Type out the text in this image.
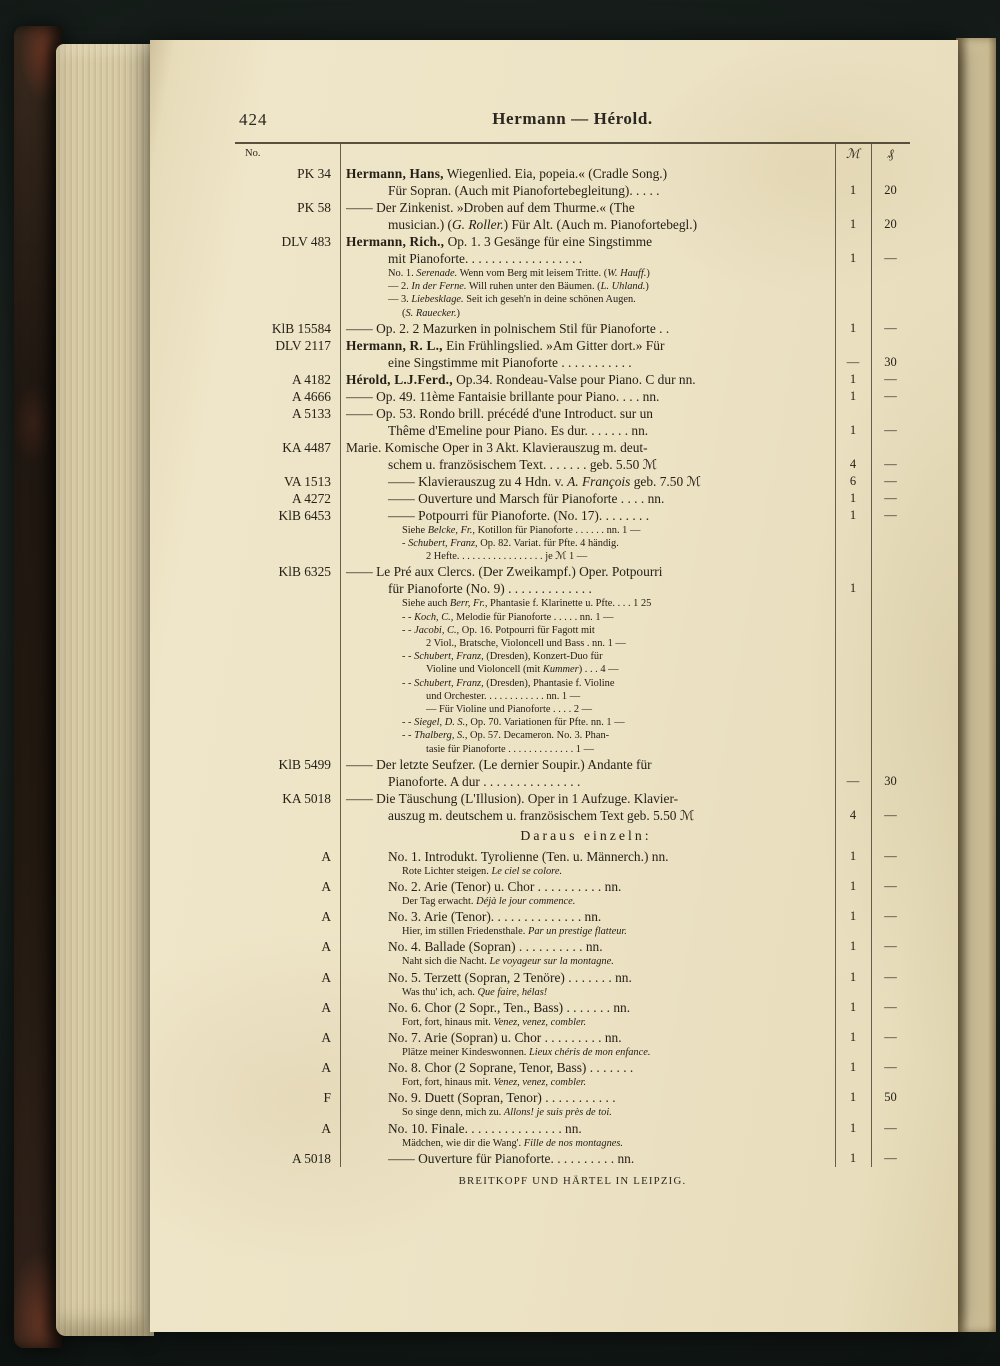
424	Hermann — Hérold.
No.	ℳ	₰
PK 34	Hermann, Hans, Wiegenlied. Eia, popeia.« (Cradle Song.)
Für Sopran. (Auch mit Pianofortebegleitung). . . . .	1	20
PK 58	—— Der Zinkenist. »Droben auf dem Thurme.« (The
musician.) (G. Roller.) Für Alt. (Auch m. Pianofortebegl.)	1	20
DLV 483	Hermann, Rich., Op. 1. 3 Gesänge für eine Singstimme
mit Pianoforte. . . . . . . . . . . . . . . . . .	1	—
No. 1. Serenade. Wenn vom Berg mit leisem Tritte. (W. Hauff.)
— 2. In der Ferne. Will ruhen unter den Bäumen. (L. Uhland.)
— 3. Liebesklage. Seit ich geseh'n in deine schönen Augen.
(S. Rauecker.)
KlB 15584	—— Op. 2. 2 Mazurken in polnischem Stil für Pianoforte . .	1	—
DLV 2117	Hermann, R. L., Ein Frühlingslied. »Am Gitter dort.» Für
eine Singstimme mit Pianoforte . . . . . . . . . . .	—	30
A 4182	Hérold, L.J.Ferd., Op.34. Rondeau-Valse pour Piano. C dur nn.	1	—
A 4666	—— Op. 49. 11ème Fantaisie brillante pour Piano. . . . nn.	1	—
A 5133	—— Op. 53. Rondo brill. précédé d'une Introduct. sur un
Thême d'Emeline pour Piano. Es dur. . . . . . . nn.	1	—
KA 4487	Marie. Komische Oper in 3 Akt. Klavierauszug m. deut-
schem u. französischem Text. . . . . . . geb. 5.50 ℳ	4	—
VA 1513	—— Klavierauszug zu 4 Hdn. v. A. François geb. 7.50 ℳ	6	—
A 4272	—— Ouverture und Marsch für Pianoforte . . . . nn.	1	—
KlB 6453	—— Potpourri für Pianoforte. (No. 17). . . . . . . .	1	—
Siehe Belcke, Fr., Kotillon für Pianoforte . . . . . . nn. 1 —
- Schubert, Franz, Op. 82. Variat. für Pfte. 4 händig.
2 Hefte. . . . . . . . . . . . . . . . . je ℳ 1 —
KlB 6325	—— Le Pré aux Clercs. (Der Zweikampf.) Oper. Potpourri
für Pianoforte (No. 9) . . . . . . . . . . . . .	1
Siehe auch Berr, Fr., Phantasie f. Klarinette u. Pfte. . . . 1 25
- - Koch, C., Melodie für Pianoforte . . . . . nn. 1 —
- - Jacobi, C., Op. 16. Potpourri für Fagott mit
2 Viol., Bratsche, Violoncell und Bass . nn. 1 —
- - Schubert, Franz, (Dresden), Konzert-Duo für
Violine und Violoncell (mit Kummer) . . . 4 —
- - Schubert, Franz, (Dresden), Phantasie f. Violine
und Orchester. . . . . . . . . . . . nn. 1 —
— Für Violine und Pianoforte . . . . 2 —
- - Siegel, D. S., Op. 70. Variationen für Pfte. nn. 1 —
- - Thalberg, S., Op. 57. Decameron. No. 3. Phan-
tasie für Pianoforte . . . . . . . . . . . . . 1 —
KlB 5499	—— Der letzte Seufzer. (Le dernier Soupir.) Andante für
Pianoforte. A dur . . . . . . . . . . . . . . .	—	30
KA 5018	—— Die Täuschung (L'Illusion). Oper in 1 Aufzuge. Klavier-
auszug m. deutschem u. französischem Text geb. 5.50 ℳ	4	—
Daraus einzeln:
A	No. 1. Introdukt. Tyrolienne (Ten. u. Männerch.) nn.	1	—
Rote Lichter steigen. Le ciel se colore.
A	No. 2. Arie (Tenor) u. Chor . . . . . . . . . . nn.	1	—
Der Tag erwacht. Déjà le jour commence.
A	No. 3. Arie (Tenor). . . . . . . . . . . . . . nn.	1	—
Hier, im stillen Friedensthale. Par un prestige flatteur.
A	No. 4. Ballade (Sopran) . . . . . . . . . . nn.	1	—
Naht sich die Nacht. Le voyageur sur la montagne.
A	No. 5. Terzett (Sopran, 2 Tenöre) . . . . . . . nn.	1	—
Was thu' ich, ach. Que faire, hélas!
A	No. 6. Chor (2 Sopr., Ten., Bass) . . . . . . . nn.	1	—
Fort, fort, hinaus mit. Venez, venez, combler.
A	No. 7. Arie (Sopran) u. Chor . . . . . . . . . nn.	1	—
Plätze meiner Kindeswonnen. Lieux chéris de mon enfance.
A	No. 8. Chor (2 Soprane, Tenor, Bass) . . . . . . .	1	—
Fort, fort, hinaus mit. Venez, venez, combler.
F	No. 9. Duett (Sopran, Tenor) . . . . . . . . . . .	1	50
So singe denn, mich zu. Allons! je suis près de toi.
A	No. 10. Finale. . . . . . . . . . . . . . . nn.	1	—
Mädchen, wie dir die Wang'. Fille de nos montagnes.
A 5018	—— Ouverture für Pianoforte. . . . . . . . . . nn.	1	—
BREITKOPF UND HÄRTEL IN LEIPZIG.
